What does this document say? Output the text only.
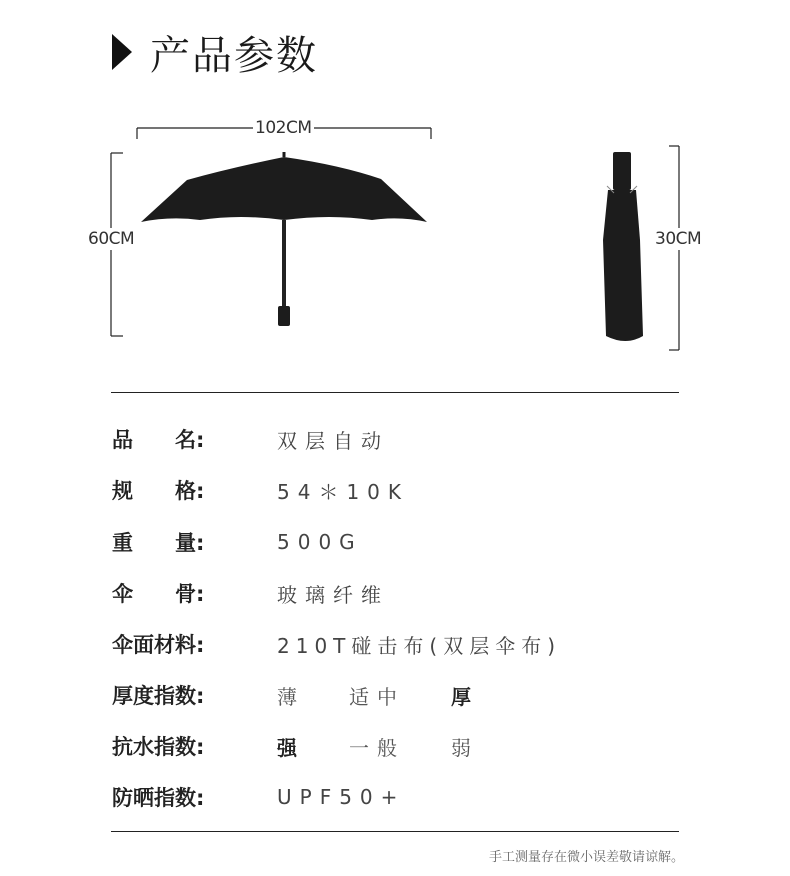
产品参数
102CM
60CM	30CM
品　　名:	双层自动
规　　格:	54＊10K
重　　量:	500G
伞　　骨:	玻璃纤维
伞面材料:	210T碰击布(双层伞布)
厚度指数:	薄	适中	厚
抗水指数:	强	一般	弱
防晒指数:	UPF50+
手工测量存在微小误差敬请谅解。
